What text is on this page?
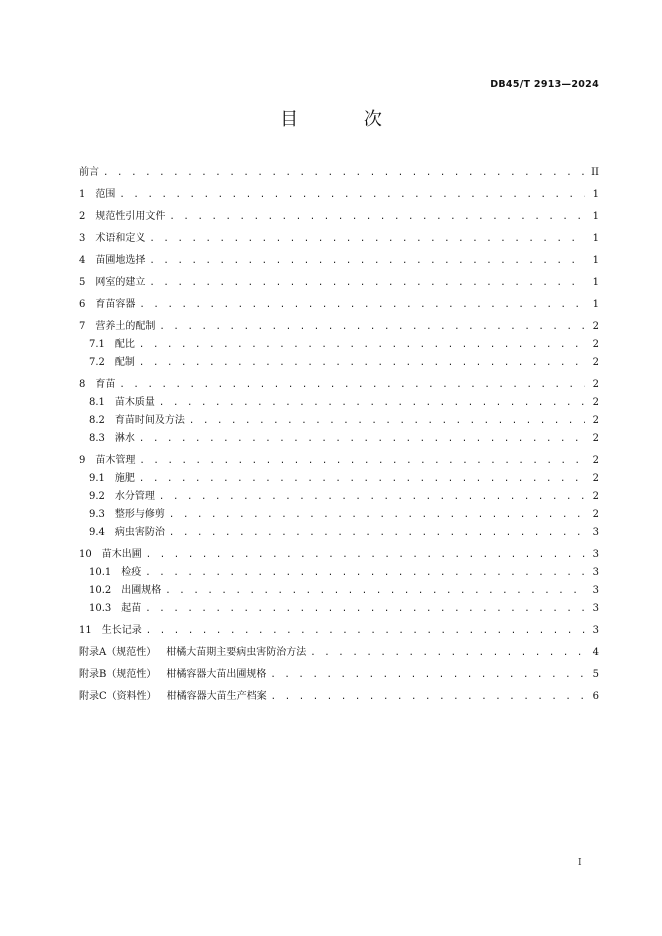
DB45/T 2913—2024
目 次
前言 . . .	II
1 范围 . . .	1
2 规范性引用文件 . . .	1
3 术语和定义 . . .	1
4 苗圃地选择 . . .	1
5 网室的建立 . . .	1
6 育苗容器 . . .	1
7 营养土的配制 . . .	2
7.1 配比 . . .	2
7.2 配制 . . .	2
8 育苗 . . .	2
8.1 苗木质量 . . .	2
8.2 育苗时间及方法 . . .	2
8.3 淋水 . . .	2
9 苗木管理 . . .	2
9.1 施肥 . . .	2
9.2 水分管理 . . .	2
9.3 整形与修剪 . . .	2
9.4 病虫害防治 . . .	3
10 苗木出圃 . . .	3
10.1 检疫 . . .	3
10.2 出圃规格 . . .	3
10.3 起苗 . . .	3
11 生长记录 . . .	3
附录A（规范性） 柑橘大苗期主要病虫害防治方法 . . .	4
附录B（规范性） 柑橘容器大苗出圃规格 . . .	5
附录C（资料性） 柑橘容器大苗生产档案 . . .	6
I
